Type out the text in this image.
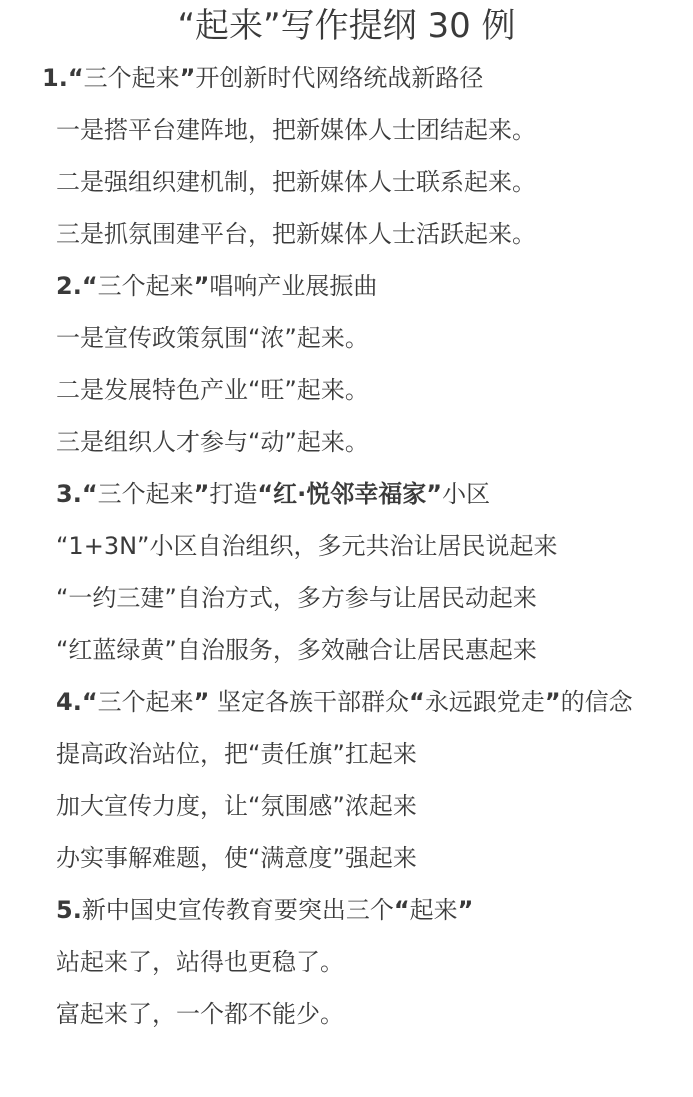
“起来”写作提纲 30 例
1.“三个起来”开创新时代网络统战新路径
一是搭平台建阵地，把新媒体人士团结起来。
二是强组织建机制，把新媒体人士联系起来。
三是抓氛围建平台，把新媒体人士活跃起来。
2.“三个起来”唱响产业展振曲
一是宣传政策氛围“浓”起来。
二是发展特色产业“旺”起来。
三是组织人才参与“动”起来。
3.“三个起来”打造“红·悦邻幸福家”小区
“1+3N”小区自治组织，多元共治让居民说起来
“一约三建”自治方式，多方参与让居民动起来
“红蓝绿黄”自治服务，多效融合让居民惠起来
4.“三个起来” 坚定各族干部群众“永远跟党走”的信念
提高政治站位，把“责任旗”扛起来
加大宣传力度，让“氛围感”浓起来
办实事解难题，使“满意度”强起来
5.新中国史宣传教育要突出三个“起来”
站起来了，站得也更稳了。
富起来了，一个都不能少。
